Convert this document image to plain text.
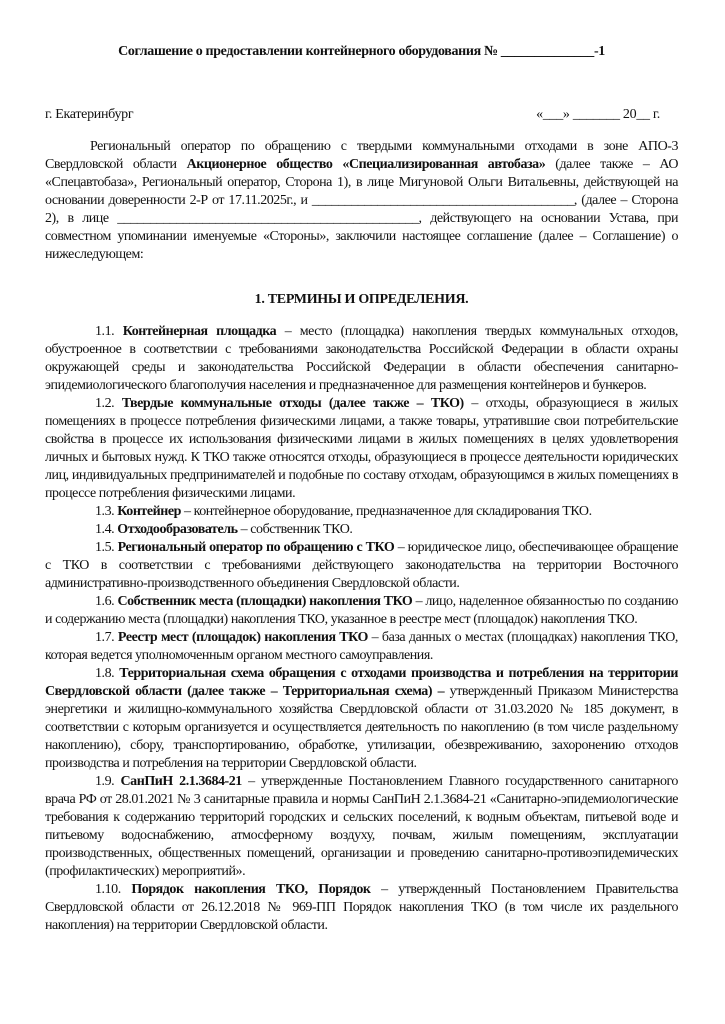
Соглашение о предоставлении контейнерного оборудования № ______________-1
г. Екатеринбург	«___» _______ 20__ г.

Региональный оператор по обращению с твердыми коммунальными отходами в зоне АПО-3 Свердловской области Акционерное общество «Специализированная автобаза» (далее также – АО «Спецавтобаза», Региональный оператор, Сторона 1), в лице Мигуновой Ольги Витальевны, действующей на основании доверенности 2-Р от 17.11.2025г., и ________________________________________, (далее – Сторона 2), в лице ______________________________________________, действующего на основании Устава, при совместном упоминании именуемые «Стороны», заключили настоящее соглашение (далее – Соглашение) о нижеследующем:

1. ТЕРМИНЫ И ОПРЕДЕЛЕНИЯ.

1.1. Контейнерная площадка – место (площадка) накопления твердых коммунальных отходов, обустроенное в соответствии с требованиями законодательства Российской Федерации в области охраны окружающей среды и законодательства Российской Федерации в области обеспечения санитарно-эпидемиологического благополучия населения и предназначенное для размещения контейнеров и бункеров.

1.2. Твердые коммунальные отходы (далее также – ТКО) – отходы, образующиеся в жилых помещениях в процессе потребления физическими лицами, а также товары, утратившие свои потребительские свойства в процессе их использования физическими лицами в жилых помещениях в целях удовлетворения личных и бытовых нужд. К ТКО также относятся отходы, образующиеся в процессе деятельности юридических лиц, индивидуальных предпринимателей и подобные по составу отходам, образующимся в жилых помещениях в процессе потребления физическими лицами.

1.3. Контейнер – контейнерное оборудование, предназначенное для складирования ТКО.

1.4. Отходообразователь – собственник ТКО.

1.5. Региональный оператор по обращению с ТКО – юридическое лицо, обеспечивающее обращение с ТКО в соответствии с требованиями действующего законодательства на территории Восточного административно-производственного объединения Свердловской области.

1.6. Собственник места (площадки) накопления ТКО – лицо, наделенное обязанностью по созданию и содержанию места (площадки) накопления ТКО, указанное в реестре мест (площадок) накопления ТКО.

1.7. Реестр мест (площадок) накопления ТКО – база данных о местах (площадках) накопления ТКО, которая ведется уполномоченным органом местного самоуправления.

1.8. Территориальная схема обращения с отходами производства и потребления на территории Свердловской области (далее также – Территориальная схема) – утвержденный Приказом Министерства энергетики и жилищно-коммунального хозяйства Свердловской области от 31.03.2020 № 185 документ, в соответствии с которым организуется и осуществляется деятельность по накоплению (в том числе раздельному накоплению), сбору, транспортированию, обработке, утилизации, обезвреживанию, захоронению отходов производства и потребления на территории Свердловской области.

1.9. СанПиН 2.1.3684-21 – утвержденные Постановлением Главного государственного санитарного врача РФ от 28.01.2021 № 3 санитарные правила и нормы СанПиН 2.1.3684-21 «Санитарно-эпидемиологические требования к содержанию территорий городских и сельских поселений, к водным объектам, питьевой воде и питьевому водоснабжению, атмосферному воздуху, почвам, жилым помещениям, эксплуатации производственных, общественных помещений, организации и проведению санитарно-противоэпидемических (профилактических) мероприятий».

1.10. Порядок накопления ТКО, Порядок – утвержденный Постановлением Правительства Свердловской области от 26.12.2018 № 969-ПП Порядок накопления ТКО (в том числе их раздельного накопления) на территории Свердловской области.
